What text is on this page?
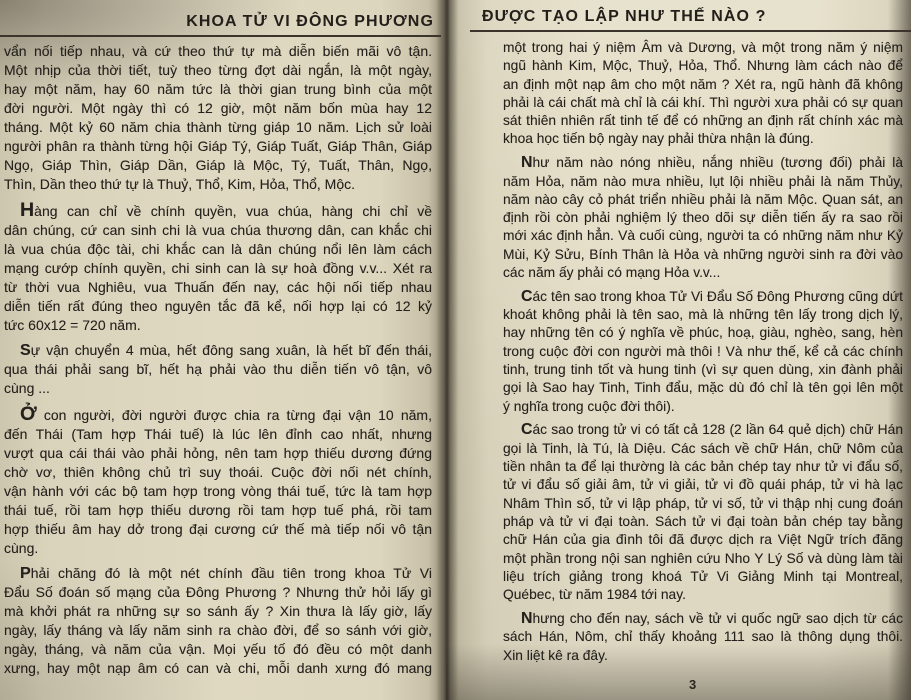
KHOA TỬ VI ĐÔNG PHƯƠNG
vẩn nối tiếp nhau, và cứ theo thứ tự mà diễn biến mãi vô tận.
Một nhịp của thời tiết, tuỳ theo từng đợt dài ngắn, là một ngày,
hay một năm, hay 60 năm tức là thời gian trung bình của một
đời người. Một ngày thì có 12 giờ, một năm bốn mùa hay 12
tháng. Một kỷ 60 năm chia thành từng giáp 10 năm. Lịch sử loài
người phân ra thành từng hội Giáp Tý, Giáp Tuất, Giáp Thân, Giáp
Ngọ, Giáp Thìn, Giáp Dần, Giáp là Mộc, Tý, Tuất, Thân, Ngọ,
Thìn, Dần theo thứ tự là Thuỷ, Thổ, Kim, Hỏa, Thổ, Mộc.
Hàng can chỉ về chính quyền, vua chúa, hàng chi chỉ về
dân chúng, cứ can sinh chi là vua chúa thương dân, can khắc chi
là vua chúa độc tài, chi khắc can là dân chúng nổi lên làm cách
mạng cướp chính quyền, chi sinh can là sự hoà đồng v.v... Xét ra
từ thời vua Nghiêu, vua Thuấn đến nay, các hội nối tiếp nhau
diễn tiến rất đúng theo nguyên tắc đã kể, nối hợp lại có 12 kỷ
tức 60x12 = 720 năm.
Sự vận chuyển 4 mùa, hết đông sang xuân, là hết bĩ đến thái,
qua thái phải sang bĩ, hết hạ phải vào thu diễn tiến vô tận, vô
cùng ...
Ở con người, đời người được chia ra từng đại vận 10 năm,
đến Thái (Tam hợp Thái tuế) là lúc lên đỉnh cao nhất, nhưng
vượt qua cái thái vào phải hỏng, nên tam hợp thiếu dương đứng
chờ vơ, thiên không chủ trì suy thoái. Cuộc đời nối nét chính,
vận hành với các bộ tam hợp trong vòng thái tuế, tức là tam hợp
thái tuế, rồi tam hợp thiếu dương rồi tam hợp tuế phá, rồi tam
hợp thiếu âm hay dở trong đại cương cứ thế mà tiếp nối vô tận
cùng.
Phải chăng đó là một nét chính đầu tiên trong khoa Tử Vi
Đẩu Số đoán số mạng của Đông Phương ? Nhưng thử hỏi lấy gì
mà khởi phát ra những sự so sánh ấy ? Xin thưa là lấy giờ, lấy
ngày, lấy tháng và lấy năm sinh ra chào đời, để so sánh với giờ,
ngày, tháng, và năm của vận. Mọi yếu tố đó đều có một danh
xưng, hay một nạp âm có can và chi, mỗi danh xưng đó mang
ĐƯỢC TẠO LẬP NHƯ THẾ NÀO ?
một trong hai ý niệm Âm và Dương, và một trong năm ý niệm
ngũ hành Kim, Mộc, Thuỷ, Hỏa, Thổ. Nhưng làm cách nào để
an định một nạp âm cho một năm ? Xét ra, ngũ hành đã không
phải là cái chất mà chỉ là cái khí. Thì người xưa phải có sự quan
sát thiên nhiên rất tinh tế để có những an định rất chính xác mà
khoa học tiến bộ ngày nay phải thừa nhận là đúng.
Như năm nào nóng nhiều, nắng nhiều (tương đối) phải là
năm Hỏa, năm nào mưa nhiều, lụt lội nhiều phải là năm Thủy,
năm nào cây cỏ phát triển nhiều phải là năm Mộc. Quan sát, an
định rồi còn phải nghiệm lý theo dõi sự diễn tiến ấy ra sao rồi
mới xác định hẳn. Và cuối cùng, người ta có những năm như Kỷ
Mùi, Kỷ Sửu, Bính Thân là Hỏa và những người sinh ra đời vào
các năm ấy phải có mạng Hỏa v.v...
Các tên sao trong khoa Tử Vi Đẩu Số Đông Phương cũng dứt
khoát không phải là tên sao, mà là những tên lấy trong dịch lý,
hay những tên có ý nghĩa về phúc, hoạ, giàu, nghèo, sang, hèn
trong cuộc đời con người mà thôi ! Và như thế, kể cả các chính
tinh, trung tinh tốt và hung tinh (vì sự quen dùng, xin đành phải
gọi là Sao hay Tinh, Tinh đẩu, mặc dù đó chỉ là tên gọi lên một
ý nghĩa trong cuộc đời thôi).
Các sao trong tử vi có tất cả 128 (2 lần 64 quẻ dịch) chữ Hán
gọi là Tinh, là Tú, là Diệu. Các sách về chữ Hán, chữ Nôm của
tiền nhân ta để lại thường là các bản chép tay như tử vi đẩu số,
tử vi đẩu số giải âm, tử vi giải, tử vi đồ quái pháp, tử vi hà lạc
Nhâm Thìn số, tử vi lập pháp, tử vi số, tử vi thập nhị cung đoán
pháp và tử vi đại toàn. Sách tử vi đại toàn bản chép tay bằng
chữ Hán của gia đình tôi đã được dịch ra Việt Ngữ trích đăng
một phần trong nội san nghiên cứu Nho Y Lý Số và dùng làm tài
liệu trích giảng trong khoá Tử Vi Giảng Minh tại Montreal,
Québec, từ năm 1984 tới nay.
Nhưng cho đến nay, sách về tử vi quốc ngữ sao dịch từ các
sách Hán, Nôm, chỉ thấy khoảng 111 sao là thông dụng thôi.
Xin liệt kê ra đây.
3
